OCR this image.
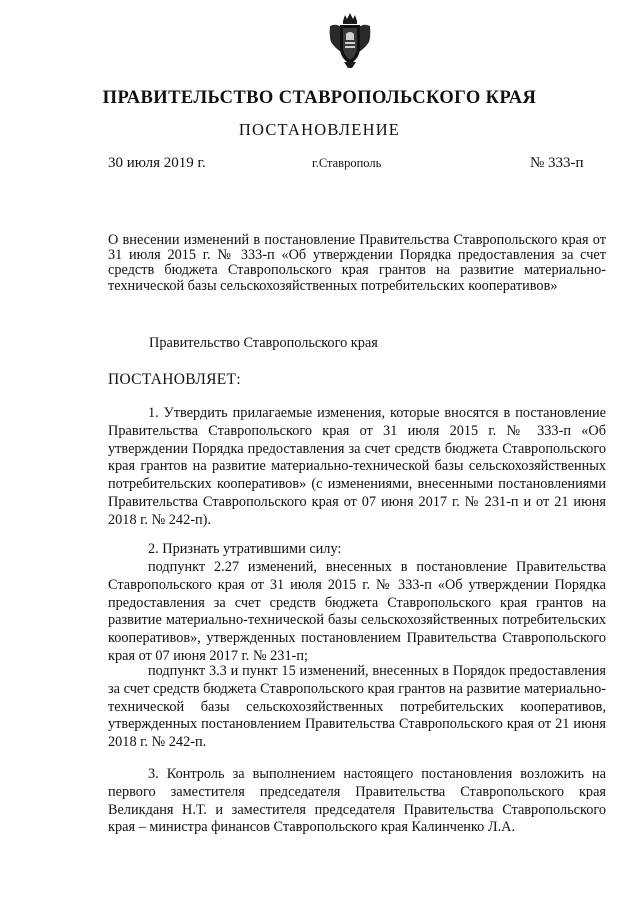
ПРАВИТЕЛЬСТВО СТАВРОПОЛЬСКОГО КРАЯ
ПОСТАНОВЛЕНИЕ
30 июля 2019 г.	г.Ставрополь	№ 333-п
О внесении изменений в постановление Правительства Ставропольского края от 31 июля 2015 г. № 333-п «Об утверждении Порядка предоставления за счет средств бюджета Ставропольского края грантов на развитие материально-технической базы сельскохозяйственных потребительских кооперативов»
Правительство Ставропольского края
ПОСТАНОВЛЯЕТ:
1. Утвердить прилагаемые изменения, которые вносятся в постановление Правительства Ставропольского края от 31 июля 2015 г. № 333-п «Об утверждении Порядка предоставления за счет средств бюджета Ставропольского края грантов на развитие материально-технической базы сельскохозяйственных потребительских кооперативов» (с изменениями, внесенными постановлениями Правительства Ставропольского края от 07 июня 2017 г. № 231-п и от 21 июня 2018 г. № 242-п).
2. Признать утратившими силу:
подпункт 2.27 изменений, внесенных в постановление Правительства Ставропольского края от 31 июля 2015 г. № 333-п «Об утверждении Порядка предоставления за счет средств бюджета Ставропольского края грантов на развитие материально-технической базы сельскохозяйственных потребительских кооперативов», утвержденных постановлением Правительства Ставропольского края от 07 июня 2017 г. № 231-п;
подпункт 3.3 и пункт 15 изменений, внесенных в Порядок предоставления за счет средств бюджета Ставропольского края грантов на развитие материально-технической базы сельскохозяйственных потребительских кооперативов, утвержденных постановлением Правительства Ставропольского края от 21 июня 2018 г. № 242-п.
3. Контроль за выполнением настоящего постановления возложить на первого заместителя председателя Правительства Ставропольского края Великданя Н.Т. и заместителя председателя Правительства Ставропольского края – министра финансов Ставропольского края Калинченко Л.А.
